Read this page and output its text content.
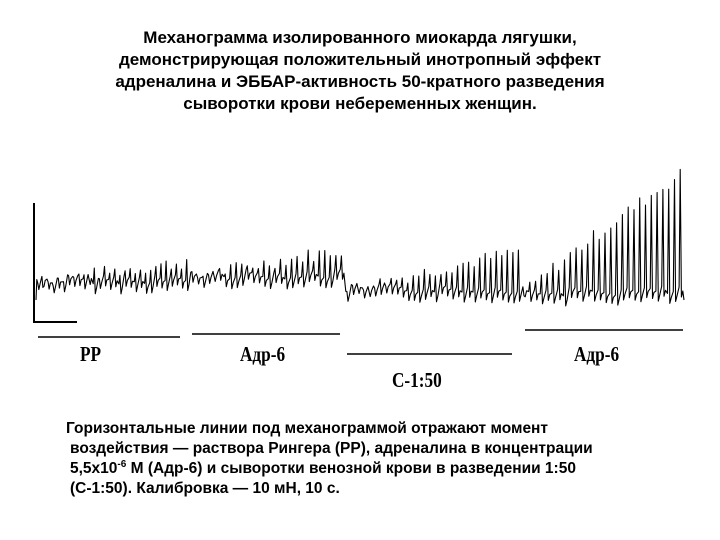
Механограмма изолированного миокарда лягушки,
демонстрирующая положительный инотропный эффект
адреналина и ЭББАР-активность 50-кратного разведения
сыворотки крови небеременных женщин.
РР	Адр-6
С-1:50
Адр-6

Горизонтальные линии под механограммой отражают момент
воздействия — раствора Рингера (РР), адреналина в концентрации
$5,5х10^{-6}$ М (Адр-6) и сыворотки венозной крови в разведении 1:50
(С-1:50). Калибровка — 10 мН, 10 с.
